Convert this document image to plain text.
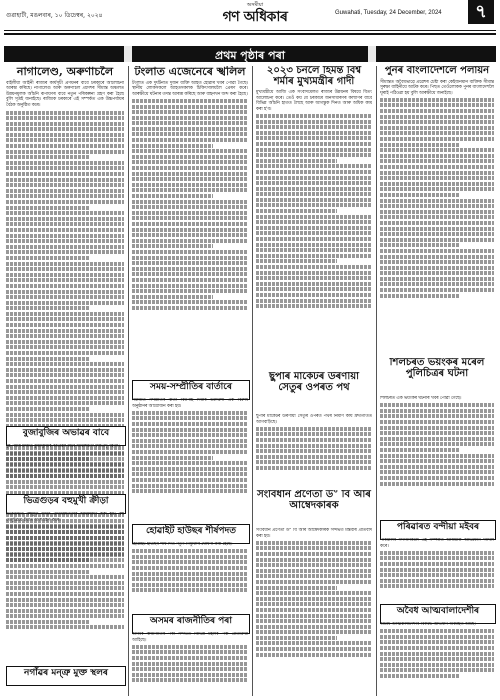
গুৱাহাটী, মঙলবাৰ, ১০ ডিচেম্বৰ, ২০২৪
অসমীয়া
গণ অধিকাৰ	Guwahati, Tuesday, 24 December, 2024	৭
প্ৰথম পৃষ্ঠাৰ পৰা
নাগালেণ্ড, অৰুণাচলৈ
বাইলীয়া আইনী ৰাজ্যৰ কাৰ্যসূচী প্ৰণয়নৰ বাবে চৰকাৰে আলোচনা আৰম্ভ কৰিছে। নাগালেণ্ড আৰু অৰুণাচল প্ৰদেশৰ সীমান্ত অঞ্চলত উন্নয়নমূলক আঁচনি ৰূপায়ণৰ বাবে নতুন পৰিকল্পনা গ্ৰহণ কৰা হৈছে বুলি সূত্ৰই জনাইছে। ৰাজ্যিক চৰকাৰে এই সম্পৰ্কত এক উচ্চপৰ্যায়ৰ বৈঠক অনুষ্ঠিত কৰে।
বুজাবুজিৰ অভাৱৰ বাবে
দুই পক্ষৰ মাজত বুজাবুজিৰ অভাৱৰ বাবে আলোচনা ফলপ্ৰসূ নহ'ল।
ভিত্ৰগুড়ৰ বহুমুখী ক্ৰীড়া
ভিত্ৰগুড়ত বহুমুখী ক্ৰীড়া প্ৰতিযোগিতাৰ আয়োজন কৰা হয়। বহু খেলুৱৈয়ে ইয়াত অংশগ্ৰহণ কৰে।
নগাঁৱৰ মন্ত্ৰু মুক্ত স্থলৰ
টংলাত এজেনেৰে স্খলিল
টংলাত এক দুৰ্ঘটনাত দুজন ব্যক্তি আহত হোৱাৰ খবৰ পোৱা গৈছে। স্থানীয় লোকসকলে আহতসকলক চিকিৎসালয়লৈ প্ৰেৰণ কৰে। আৰক্ষীয়ে ঘটনাৰ তদন্ত আৰম্ভ কৰিছে আৰু বাহনখন জব্দ কৰা হৈছে।
সময়-সম্প্ৰীতিৰ বাৰ্তাৰে
সমাজত সম্প্ৰীতিৰ বাৰ্তা বিয়পাই দিয়াৰ উদ্দেশ্যে এক বিশেষ অনুষ্ঠানৰ আয়োজন কৰা হয়।
হোৱাইট হাউছৰ শীৰ্ষপদত
হোৱাইট হাউছৰ শীৰ্ষপদত নতুন নিযুক্তিৰ ঘোষণা কৰা হৈছে।
অসমৰ ৰাজনীতিৰ পৰা
অসমৰ ৰাজনীতিৰ পৰা সন্দৰ্ভত বিভিন্ন মহলৰ পৰা প্ৰতিক্ৰিয়া আহিছে।
২০২৩ চনলৈ হিমন্ত বিশ্ব শৰ্মাৰ মুখ্যমন্ত্ৰীৰ গাদী
মুখ্যমন্ত্ৰীয়ে আজি এক সংবাদমেলত ৰাজ্যৰ উন্নয়নৰ বিষয়ে বিতং আলোচনা কৰে। তেওঁ কয় যে চৰকাৰে জনসাধাৰণৰ কল্যাণৰ বাবে বিভিন্ন আঁচনি হাতত লৈছে আৰু আগন্তুক দিনত আৰু অধিক কাম কৰা হ'ব।
ছুপাৰ মাৰ্কেটৰ উৰণীয়া সেতুৰ ওপৰত পথ
ছুপাৰ মাৰ্কেটৰ উৰণীয়া সেতুৰ ওপৰত পথৰ নিৰ্মাণ কাৰ্য দ্ৰুতগতিত আগবাঢ়িছে।
সংবিধান প্ৰণেতা ড° বি আৰ আম্বেদকাৰক
সংবিধান প্ৰণেতা ড° বি আৰ আম্বেদকাৰক সন্দৰ্ভত মন্তব্যৰ প্ৰতিবাদ কৰা হয়।
পুনৰ বাংলাদেশলৈ পলায়ন
সীমান্তত অবৈধভাৱে প্ৰৱেশৰ চেষ্টা কৰা কেইজনমান ব্যক্তিক সীমান্ত সুৰক্ষা বাহিনীয়ে আটক কৰে। পিছত তেওঁলোকক পুনৰ বাংলাদেশলৈ ঘূৰাই পঠিওৱা হয় বুলি আৰক্ষীয়ে জনাইছে।
শিলচৰত ভয়ংকৰ মৰেল পুলিচিত্ৰৰ ঘটনা
শিলচৰত এক ভয়ংকৰ ঘটনাৰ খবৰ পোৱা গৈছে।
পৰিৱাৰত বন্দীয়া মইবৰ
পৰিয়ালৰ সদস্যসকলে এই সম্পৰ্কত আৰক্ষীক অভিযোগ দাখিল কৰে।
অবৈধ আত্মবালাদেশীৰ
অবৈধ আত্মবালাদেশীৰ বিৰুদ্ধে অভিযান অব্যাহত আছে।
